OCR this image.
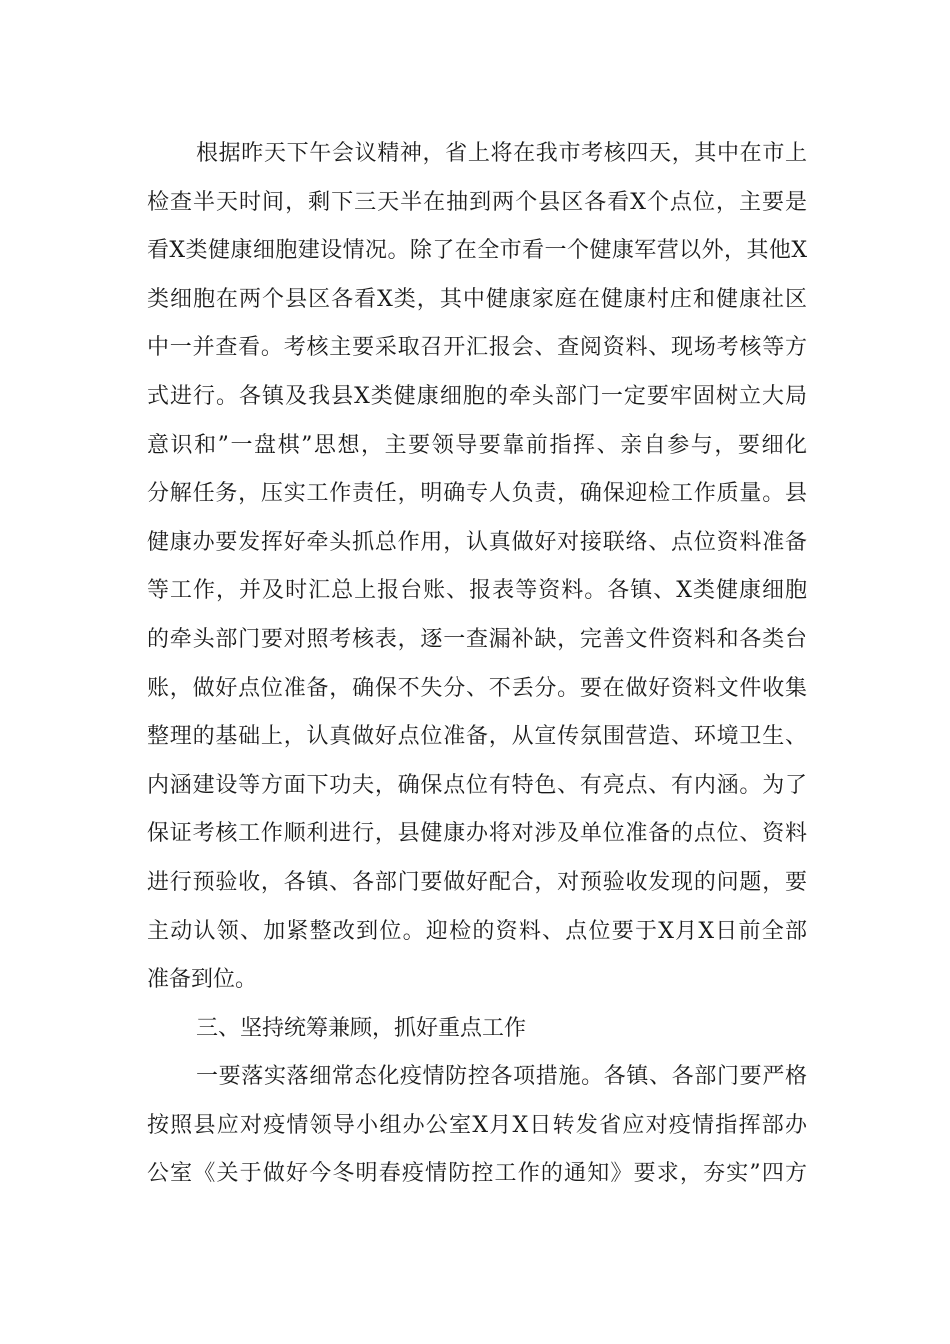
根据昨天下午会议精神，省上将在我市考核四天，其中在市上
检查半天时间，剩下三天半在抽到两个县区各看X个点位，主要是
看X类健康细胞建设情况。除了在全市看一个健康军营以外，其他X
类细胞在两个县区各看X类，其中健康家庭在健康村庄和健康社区
中一并查看。考核主要采取召开汇报会、查阅资料、现场考核等方
式进行。各镇及我县X类健康细胞的牵头部门一定要牢固树立大局
意识和”一盘棋”思想，主要领导要靠前指挥、亲自参与，要细化
分解任务，压实工作责任，明确专人负责，确保迎检工作质量。县
健康办要发挥好牵头抓总作用，认真做好对接联络、点位资料准备
等工作，并及时汇总上报台账、报表等资料。各镇、X类健康细胞
的牵头部门要对照考核表，逐一查漏补缺，完善文件资料和各类台
账，做好点位准备，确保不失分、不丢分。要在做好资料文件收集
整理的基础上，认真做好点位准备，从宣传氛围营造、环境卫生、
内涵建设等方面下功夫，确保点位有特色、有亮点、有内涵。为了
保证考核工作顺利进行，县健康办将对涉及单位准备的点位、资料
进行预验收，各镇、各部门要做好配合，对预验收发现的问题，要
主动认领、加紧整改到位。迎检的资料、点位要于X月X日前全部
准备到位。
三、坚持统筹兼顾，抓好重点工作
一要落实落细常态化疫情防控各项措施。各镇、各部门要严格
按照县应对疫情领导小组办公室X月X日转发省应对疫情指挥部办
公室《关于做好今冬明春疫情防控工作的通知》要求，夯实”四方
